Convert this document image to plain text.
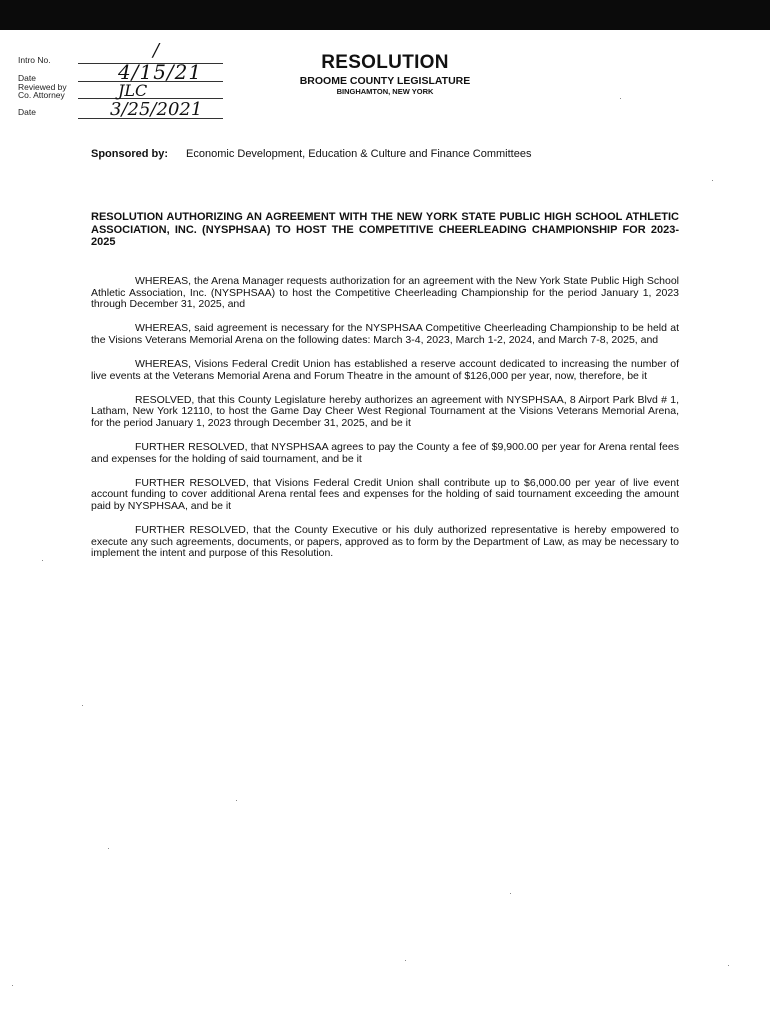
Intro No.	/
Date	4/15/21
Reviewed by
Co. Attorney	JLC
Date	3/25/2021
RESOLUTION
BROOME COUNTY LEGISLATURE
BINGHAMTON, NEW YORK
Sponsored by: Economic Development, Education & Culture and Finance Committees
RESOLUTION AUTHORIZING AN AGREEMENT WITH THE NEW YORK STATE PUBLIC HIGH SCHOOL ATHLETIC ASSOCIATION, INC. (NYSPHSAA) TO HOST THE COMPETITIVE CHEERLEADING CHAMPIONSHIP FOR 2023-2025

WHEREAS, the Arena Manager requests authorization for an agreement with the New York State Public High School Athletic Association, Inc. (NYSPHSAA) to host the Competitive Cheerleading Championship for the period January 1, 2023 through December 31, 2025, and

WHEREAS, said agreement is necessary for the NYSPHSAA Competitive Cheerleading Championship to be held at the Visions Veterans Memorial Arena on the following dates: March 3-4, 2023, March 1-2, 2024, and March 7-8, 2025, and

WHEREAS, Visions Federal Credit Union has established a reserve account dedicated to increasing the number of live events at the Veterans Memorial Arena and Forum Theatre in the amount of $126,000 per year, now, therefore, be it

RESOLVED, that this County Legislature hereby authorizes an agreement with NYSPHSAA, 8 Airport Park Blvd # 1, Latham, New York 12110, to host the Game Day Cheer West Regional Tournament at the Visions Veterans Memorial Arena, for the period January 1, 2023 through December 31, 2025, and be it

FURTHER RESOLVED, that NYSPHSAA agrees to pay the County a fee of $9,900.00 per year for Arena rental fees and expenses for the holding of said tournament, and be it

FURTHER RESOLVED, that Visions Federal Credit Union shall contribute up to $6,000.00 per year of live event account funding to cover additional Arena rental fees and expenses for the holding of said tournament exceeding the amount paid by NYSPHSAA, and be it

FURTHER RESOLVED, that the County Executive or his duly authorized representative is hereby empowered to execute any such agreements, documents, or papers, approved as to form by the Department of Law, as may be necessary to implement the intent and purpose of this Resolution.
